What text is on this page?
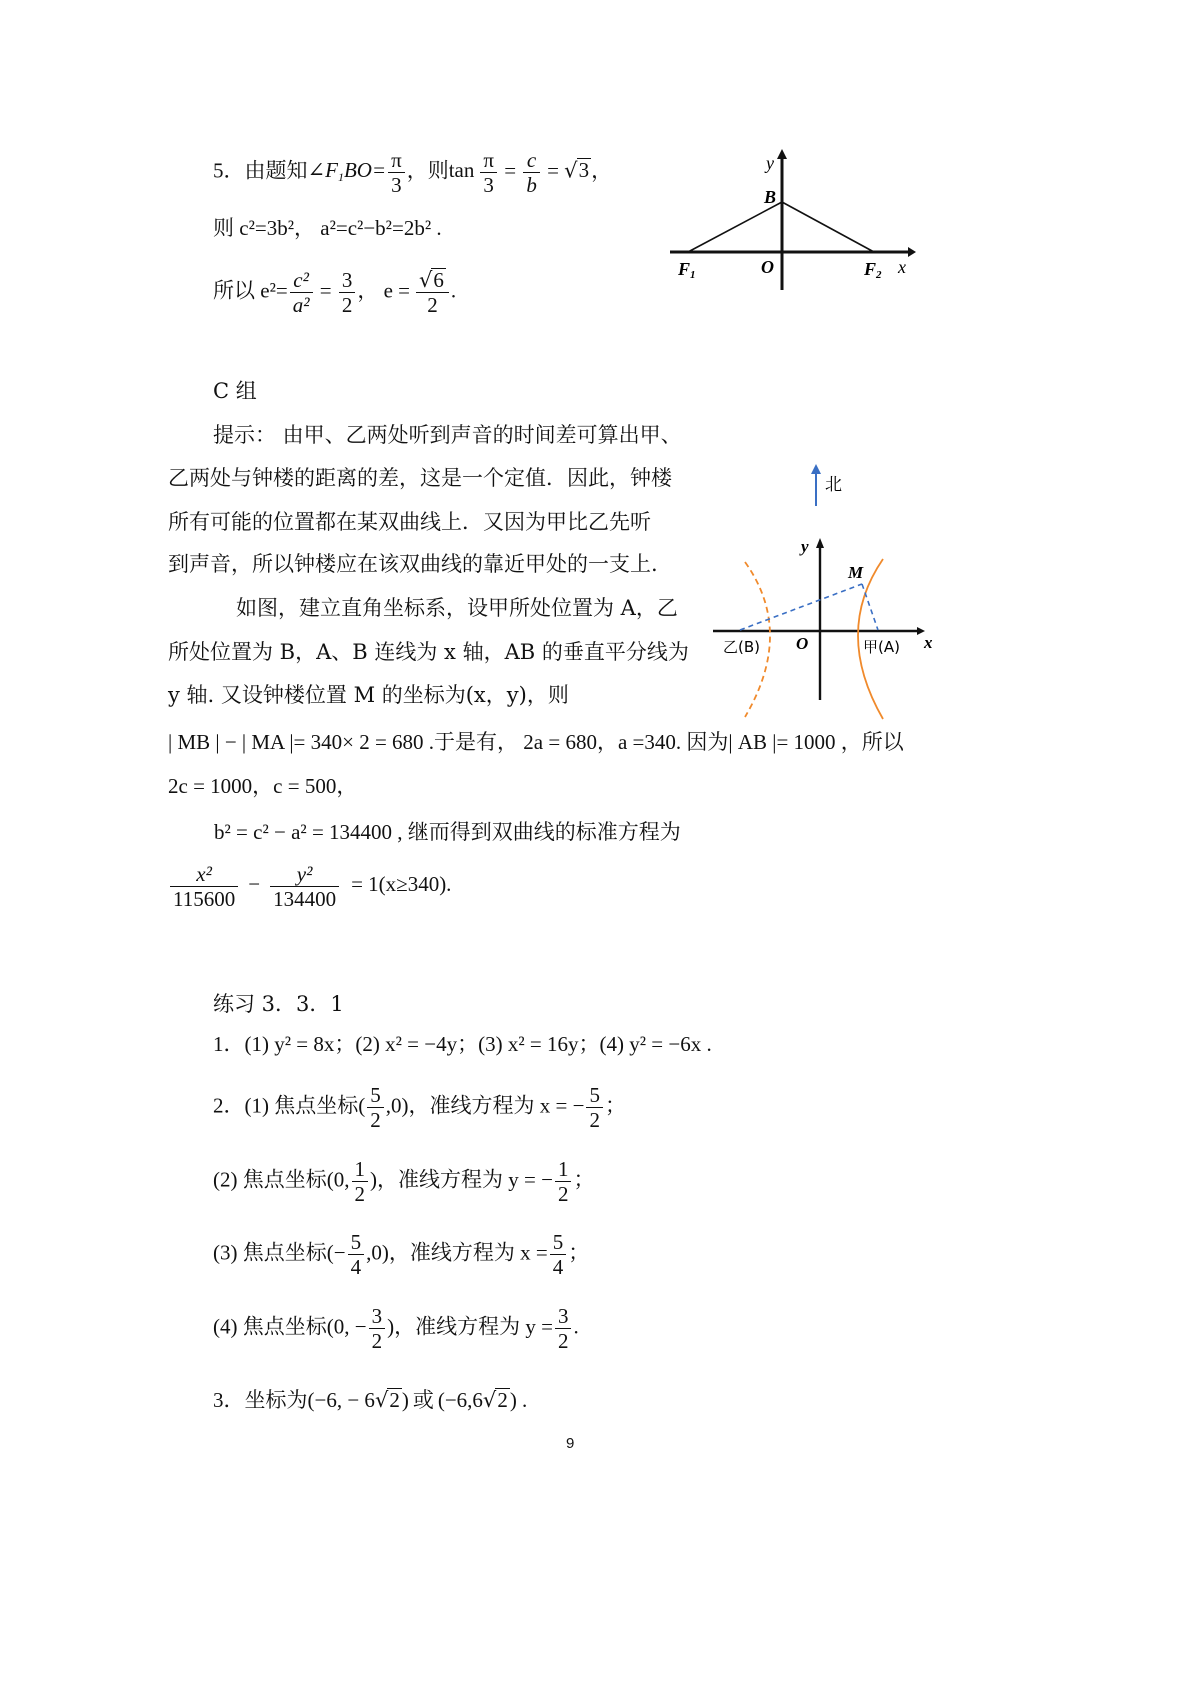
5．由题知$\angle F_1BO= \frac{\pi}{3}$ ，则$\tan \frac{\pi}{3} = \frac{c}{b} = √3$，
则 c²=3b²， a²=c²−b²=2b² .
所以 $e^2= \frac{\text{c²}}{\text{a²}} = \frac{3}{2}$ ， $e = \frac{√6}{2}$ .
y
B
O
F1	F2 x
C 组
提示： 由甲、乙两处听到声音的时间差可算出甲、
乙两处与钟楼的距离的差，这是一个定值．因此，钟楼
所有可能的位置都在某双曲线上．又因为甲比乙先听
到声音，所以钟楼应在该双曲线的靠近甲处的一支上.
如图，建立直角坐标系，设甲所处位置为 A，乙
所处位置为 B，A、B 连线为 x 轴，AB 的垂直平分线为
y 轴. 又设钟楼位置 M 的坐标为(x，y)，则
| MB | − | MA |= 340× 2 = 680 .于是有， 2a = 680，a =340. 因为| AB |= 1000 ，所以
2c = 1000，c = 500，
b² = c² − a² = 134400 , 继而得到双曲线的标准方程为
$\frac{\text{x²}}{115600} - \frac{\text{y²}}{134400} = 1(x\ge 340)$.
北
y
M
乙(B) O	甲(A) x
练习 3．3．1
1．(1) y² = 8x；(2) x² = −4y；(3) x² = 16y；(4) y² = −6x .
2．(1) 焦点坐标( $\frac{5}{2} ,0$)，准线方程为 x = − $\frac{5}{2}$ ；
(2) 焦点坐标(0, $\frac{1}{2}$ )，准线方程为 y = − $\frac{1}{2}$ ；
(3) 焦点坐标(− $\frac{5}{4} ,0$)，准线方程为 $x = \frac{5}{4}$ ；
(4) 焦点坐标(0, − $\frac{3}{2}$ )，准线方程为 $y = \frac{3}{2}$ .
3．坐标为(−6, − 6√2) 或 (−6,6√2) .
9
